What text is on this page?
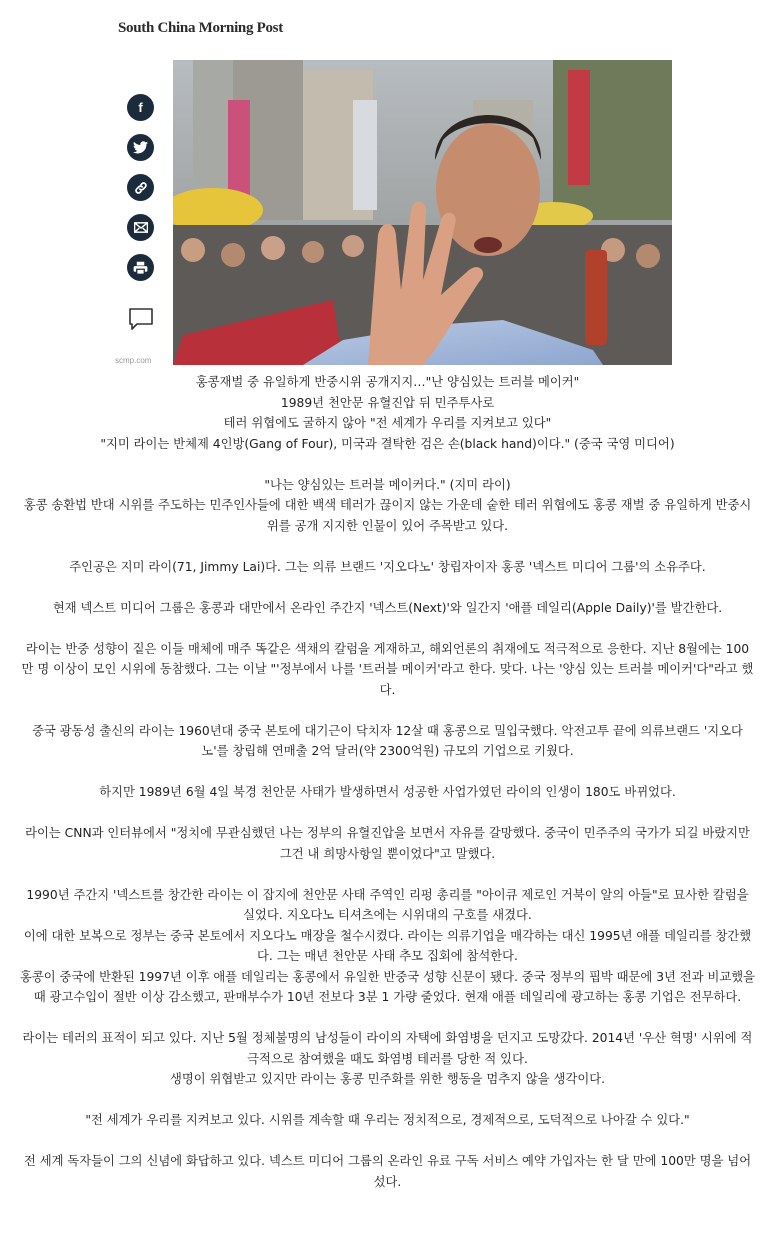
South China Morning Post
f
scmp.com

홍콩재벌 중 유일하게 반중시위 공개지지…"난 양심있는 트러블 메이커"

1989년 천안문 유혈진압 뒤 민주투사로

테러 위협에도 굴하지 않아 "전 세계가 우리를 지켜보고 있다"

"지미 라이는 반체제 4인방(Gang of Four), 미국과 결탁한 검은 손(black hand)이다." (중국 국영 미디어)

"나는 양심있는 트러블 메이커다." (지미 라이)

홍콩 송환법 반대 시위를 주도하는 민주인사들에 대한 백색 테러가 끊이지 않는 가운데 숱한 테러 위협에도 홍콩 재벌 중 유일하게 반중시위를 공개 지지한 인물이 있어 주목받고 있다.

주인공은 지미 라이(71, Jimmy Lai)다. 그는 의류 브랜드 '지오다노' 창립자이자 홍콩 '넥스트 미디어 그룹'의 소유주다.

현재 넥스트 미디어 그룹은 홍콩과 대만에서 온라인 주간지 '넥스트(Next)'와 일간지 '애플 데일리(Apple Daily)'를 발간한다.

라이는 반중 성향이 짙은 이들 매체에 매주 똑같은 색채의 칼럼을 게재하고, 해외언론의 취재에도 적극적으로 응한다. 지난 8월에는 100만 명 이상이 모인 시위에 동참했다. 그는 이날 "'정부에서 나를 '트러블 메이커'라고 한다. 맞다. 나는 '양심 있는 트러블 메이커'다"라고 했다.

중국 광동성 출신의 라이는 1960년대 중국 본토에 대기근이 닥치자 12살 때 홍콩으로 밀입국했다. 악전고투 끝에 의류브랜드 '지오다노'를 창립해 연매출 2억 달러(약 2300억원) 규모의 기업으로 키웠다.

하지만 1989년 6월 4일 북경 천안문 사태가 발생하면서 성공한 사업가였던 라이의 인생이 180도 바뀌었다.

라이는 CNN과 인터뷰에서 "정치에 무관심했던 나는 정부의 유혈진압을 보면서 자유를 갈망했다. 중국이 민주주의 국가가 되길 바랐지만 그건 내 희망사항일 뿐이었다"고 말했다.

1990년 주간지 '넥스트를 창간한 라이는 이 잡지에 천안문 사태 주역인 리펑 총리를 "아이큐 제로인 거북이 알의 아들"로 묘사한 칼럼을 실었다. 지오다노 티셔츠에는 시위대의 구호를 새겼다.

이에 대한 보복으로 정부는 중국 본토에서 지오다노 매장을 철수시켰다. 라이는 의류기업을 매각하는 대신 1995년 애플 데일리를 창간했다. 그는 매년 천안문 사태 추모 집회에 참석한다.

홍콩이 중국에 반환된 1997년 이후 애플 데일리는 홍콩에서 유일한 반중국 성향 신문이 됐다. 중국 정부의 핍박 때문에 3년 전과 비교했을 때 광고수입이 절반 이상 감소했고, 판매부수가 10년 전보다 3분 1 가량 줄었다. 현재 애플 데일리에 광고하는 홍콩 기업은 전무하다.

라이는 테러의 표적이 되고 있다. 지난 5월 정체불명의 남성들이 라이의 자택에 화염병을 던지고 도망갔다. 2014년 '우산 혁명' 시위에 적극적으로 참여했을 때도 화염병 테러를 당한 적 있다.

생명이 위협받고 있지만 라이는 홍콩 민주화를 위한 행동을 멈추지 않을 생각이다.

"전 세계가 우리를 지켜보고 있다. 시위를 계속할 때 우리는 정치적으로, 경제적으로, 도덕적으로 나아갈 수 있다."

전 세계 독자들이 그의 신념에 화답하고 있다. 넥스트 미디어 그룹의 온라인 유료 구독 서비스 예약 가입자는 한 달 만에 100만 명을 넘어섰다.
